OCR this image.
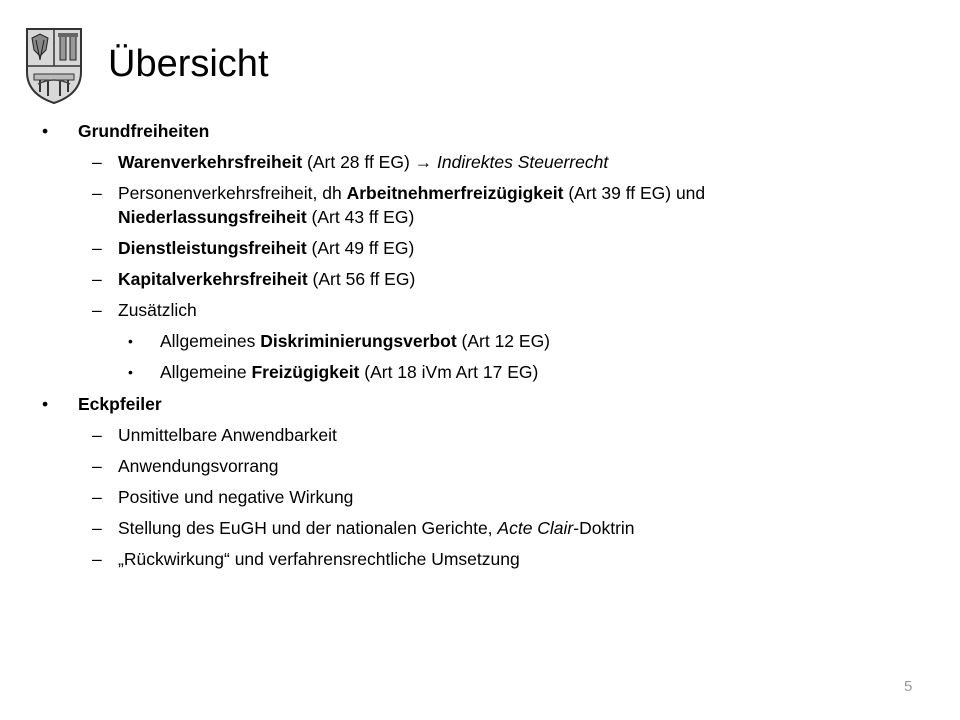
Übersicht
• Grundfreiheiten
– Warenverkehrsfreiheit (Art 28 ff EG) → Indirektes Steuerrecht
– Personenverkehrsfreiheit, dh Arbeitnehmerfreizügigkeit (Art 39 ff EG) und
Niederlassungsfreiheit (Art 43 ff EG)
– Dienstleistungsfreiheit (Art 49 ff EG)
– Kapitalverkehrsfreiheit (Art 56 ff EG)
– Zusätzlich
• Allgemeines Diskriminierungsverbot (Art 12 EG)
• Allgemeine Freizügigkeit (Art 18 iVm Art 17 EG)
• Eckpfeiler
– Unmittelbare Anwendbarkeit
– Anwendungsvorrang
– Positive und negative Wirkung
– Stellung des EuGH und der nationalen Gerichte, Acte Clair-Doktrin
– „Rückwirkung“ und verfahrensrechtliche Umsetzung
5
